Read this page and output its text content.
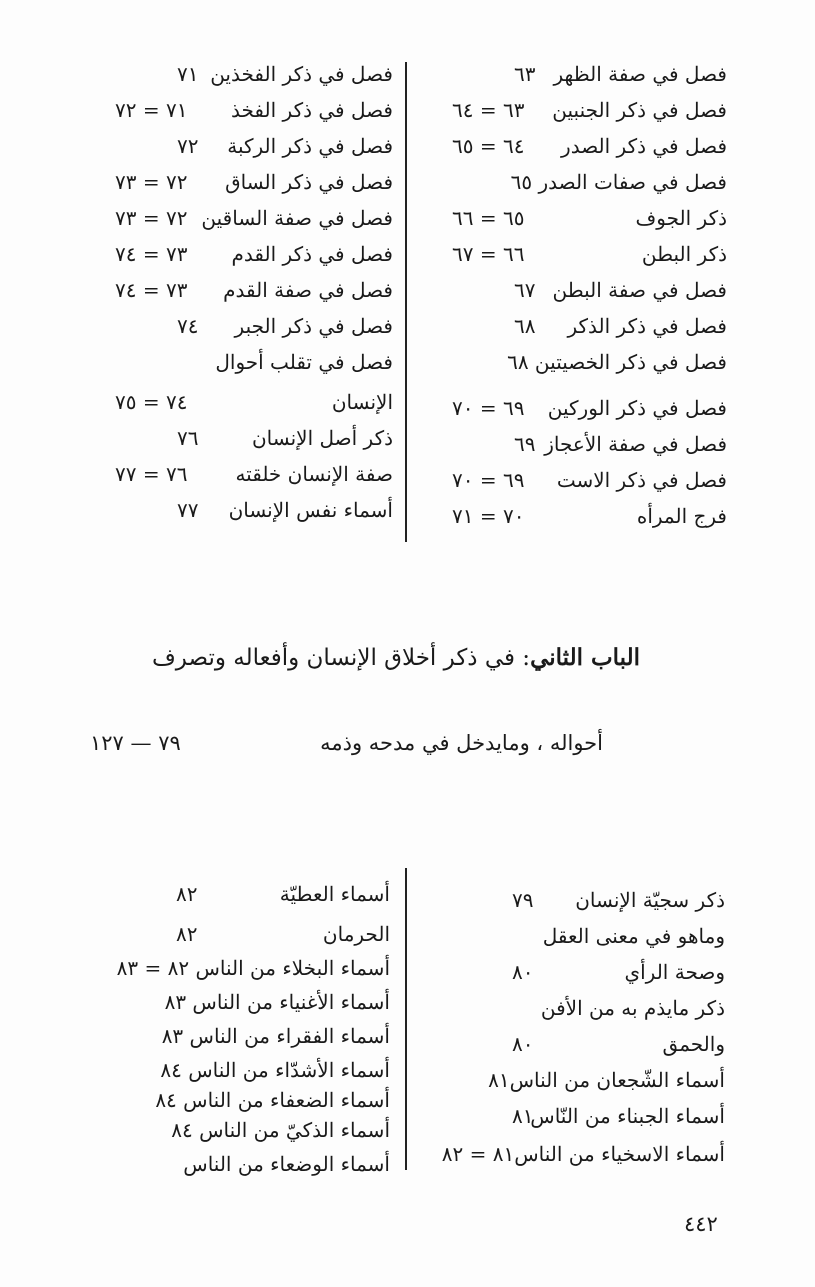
فصل في صفة الظهر
٦٣
فصل في ذكر الجنبين
٦٣ = ٦٤
فصل في ذكر الصدر
٦٤ = ٦٥
فصل في صفات الصدر ٦٥
ذكر الجوف
٦٥ = ٦٦
ذكر البطن
٦٦ = ٦٧
فصل في صفة البطن
٦٧
فصل في ذكر الذكر
٦٨
فصل في ذكر الخصيتين ٦٨
فصل في ذكر الوركين
٦٩ = ٧٠
فصل في صفة الأعجاز
٦٩
فصل في ذكر الاست
٦٩ = ٧٠
فرج المرأه
٧٠ = ٧١
فصل في ذكر الفخذين
٧١
فصل في ذكر الفخذ
٧١ = ٧٢
فصل في ذكر الركبة
٧٢
فصل في ذكر الساق
٧٢ = ٧٣
فصل في صفة الساقين
٧٢ = ٧٣
فصل في ذكر القدم
٧٣ = ٧٤
فصل في صفة القدم
٧٣ = ٧٤
فصل في ذكر الجبر
٧٤
فصل في تقلب أحوال
الإنسان
٧٤ = ٧٥
ذكر أصل الإنسان
٧٦
صفة الإنسان خلقته
٧٦ = ٧٧
أسماء نفس الإنسان
٧٧
الباب الثاني: في ذكر أخلاق الإنسان وأفعاله وتصرف
أحواله ، ومايدخل في مدحه وذمه
٧٩ — ١٢٧
ذكر سجيّة الإنسان
٧٩
وماهو في معنى العقل
وصحة الرأي
٨٠
ذكر مايذم به من الأفن
والحمق
٨٠
أسماء الشّجعان من الناس٨١
أسماء الجبناء من النّاس
٨١
أسماء الاسخياء من الناس٨١ = ٨٢
أسماء العطيّة
٨٢
الحرمان
٨٢
أسماء البخلاء من الناس ٨٢ = ٨٣
أسماء الأغنياء من الناس ٨٣
أسماء الفقراء من الناس ٨٣
أسماء الأشدّاء من الناس ٨٤
أسماء الضعفاء من الناس ٨٤
أسماء الذكيّ من الناس ٨٤
أسماء الوضعاء من الناس
٤٤٢
